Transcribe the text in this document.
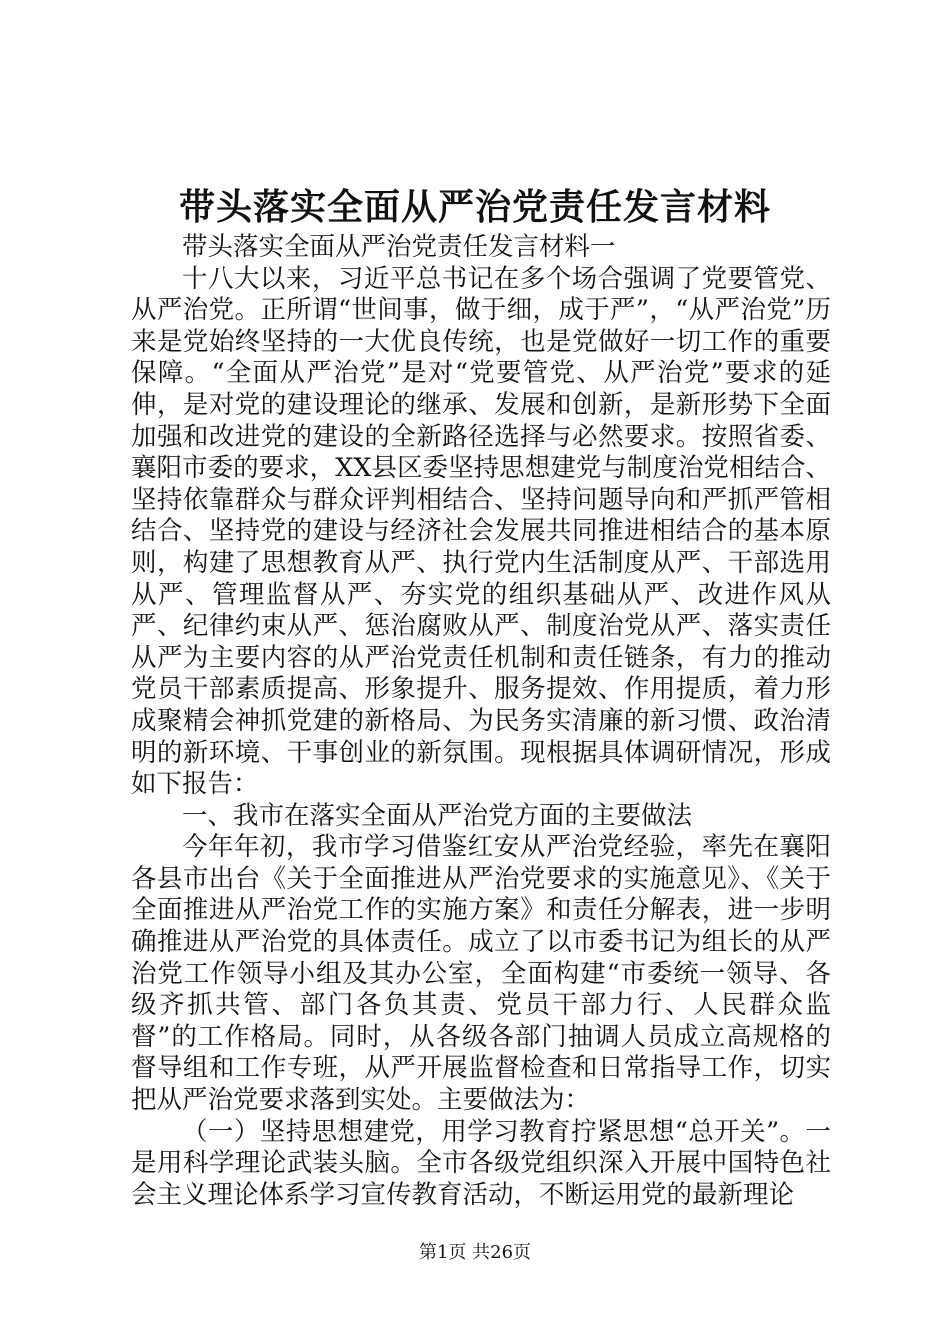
带头落实全面从严治党责任发言材料

带头落实全面从严治党责任发言材料一

十八大以来，习近平总书记在多个场合强调了党要管党、从严治党。正所谓“世间事，做于细，成于严”，“从严治党”历来是党始终坚持的一大优良传统，也是党做好一切工作的重要保障。“全面从严治党”是对“党要管党、从严治党”要求的延伸，是对党的建设理论的继承、发展和创新，是新形势下全面加强和改进党的建设的全新路径选择与必然要求。按照省委、襄阳市委的要求，XX县区委坚持思想建党与制度治党相结合、坚持依靠群众与群众评判相结合、坚持问题导向和严抓严管相结合、坚持党的建设与经济社会发展共同推进相结合的基本原则，构建了思想教育从严、执行党内生活制度从严、干部选用从严、管理监督从严、夯实党的组织基础从严、改进作风从严、纪律约束从严、惩治腐败从严、制度治党从严、落实责任从严为主要内容的从严治党责任机制和责任链条，有力的推动党员干部素质提高、形象提升、服务提效、作用提质，着力形成聚精会神抓党建的新格局、为民务实清廉的新习惯、政治清明的新环境、干事创业的新氛围。现根据具体调研情况，形成如下报告：

一、我市在落实全面从严治党方面的主要做法

今年年初，我市学习借鉴红安从严治党经验，率先在襄阳各县市出台《关于全面推进从严治党要求的实施意见》、《关于全面推进从严治党工作的实施方案》和责任分解表，进一步明确推进从严治党的具体责任。成立了以市委书记为组长的从严治党工作领导小组及其办公室，全面构建“市委统一领导、各级齐抓共管、部门各负其责、党员干部力行、人民群众监督”的工作格局。同时，从各级各部门抽调人员成立高规格的督导组和工作专班，从严开展监督检查和日常指导工作，切实把从严治党要求落到实处。主要做法为：

（一）坚持思想建党，用学习教育拧紧思想“总开关”。一是用科学理论武装头脑。全市各级党组织深入开展中国特色社会主义理论体系学习宣传教育活动，不断运用党的最新理论

第1页 共26页
